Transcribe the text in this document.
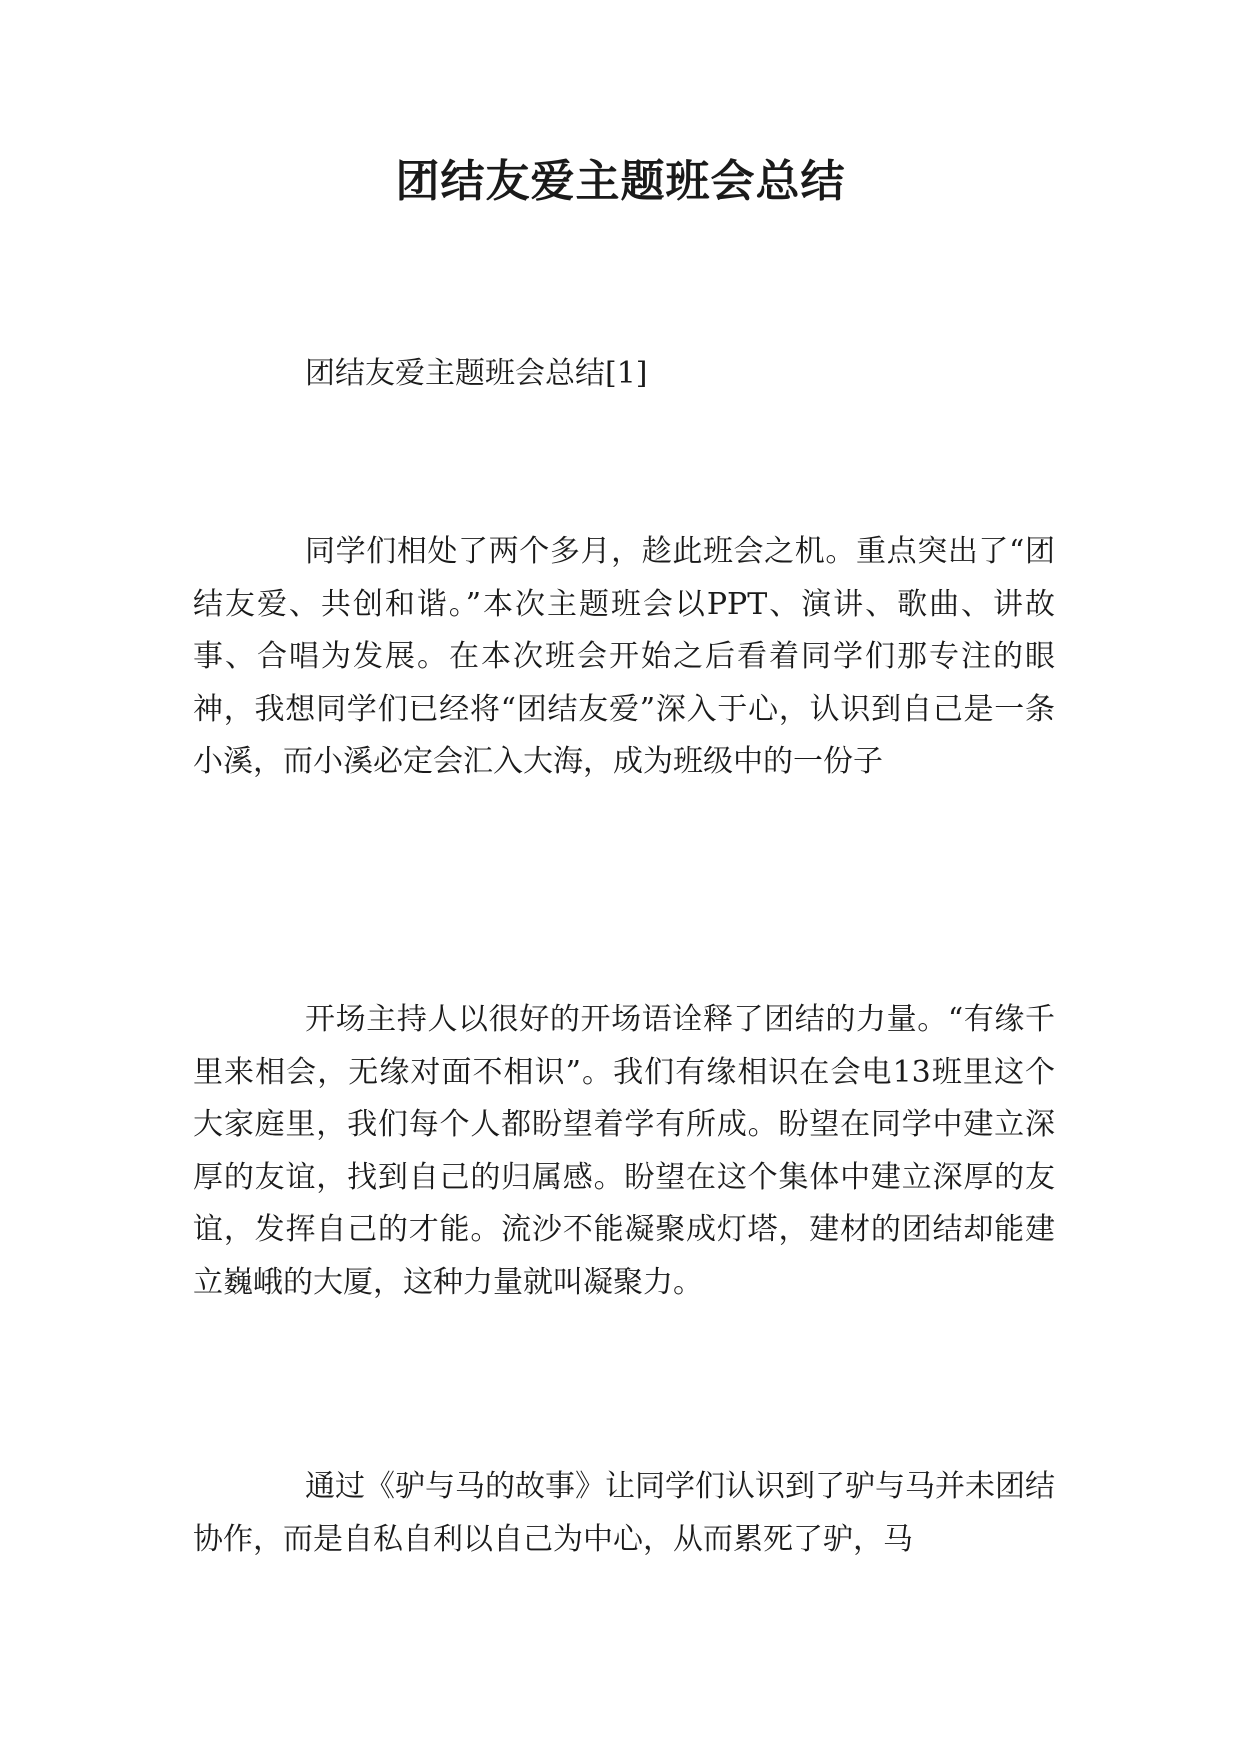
团结友爱主题班会总结
团结友爱主题班会总结[1]

同学们相处了两个多月，趁此班会之机。重点突出了“团结友爱、共创和谐。”本次主题班会以PPT、演讲、歌曲、讲故事、合唱为发展。在本次班会开始之后看着同学们那专注的眼神，我想同学们已经将“团结友爱”深入于心，认识到自己是一条小溪，而小溪必定会汇入大海，成为班级中的一份子

开场主持人以很好的开场语诠释了团结的力量。“有缘千里来相会，无缘对面不相识”。我们有缘相识在会电13班里这个大家庭里，我们每个人都盼望着学有所成。盼望在同学中建立深厚的友谊，找到自己的归属感。盼望在这个集体中建立深厚的友谊，发挥自己的才能。流沙不能凝聚成灯塔，建材的团结却能建立巍峨的大厦，这种力量就叫凝聚力。

通过《驴与马的故事》让同学们认识到了驴与马并未团结协作，而是自私自利以自己为中心，从而累死了驴，马
